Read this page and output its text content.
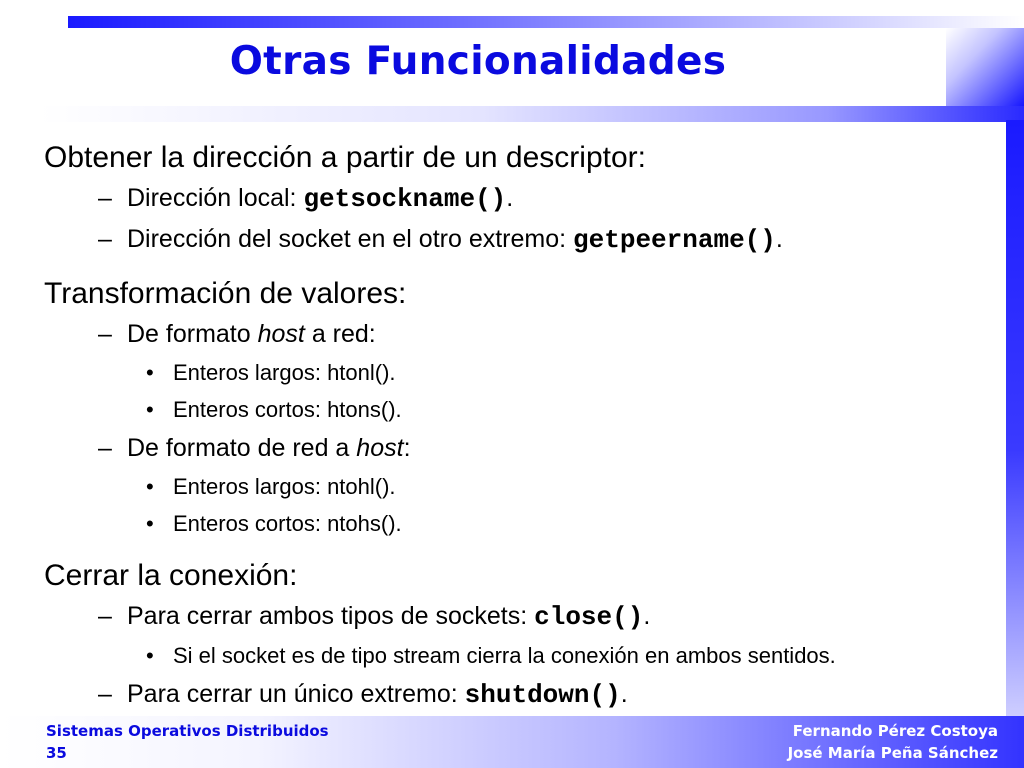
Otras Funcionalidades
Obtener la dirección a partir de un descriptor:
– Dirección local: getsockname().
– Dirección del socket en el otro extremo: getpeername().
Transformación de valores:
– De formato host a red:
• Enteros largos: htonl().
• Enteros cortos: htons().
– De formato de red a host:
• Enteros largos: ntohl().
• Enteros cortos: ntohs().
Cerrar la conexión:
– Para cerrar ambos tipos de sockets: close().
• Si el socket es de tipo stream cierra la conexión en ambos sentidos.
– Para cerrar un único extremo: shutdown().
Sistemas Operativos Distribuidos
35
Fernando Pérez Costoya
José María Peña Sánchez
